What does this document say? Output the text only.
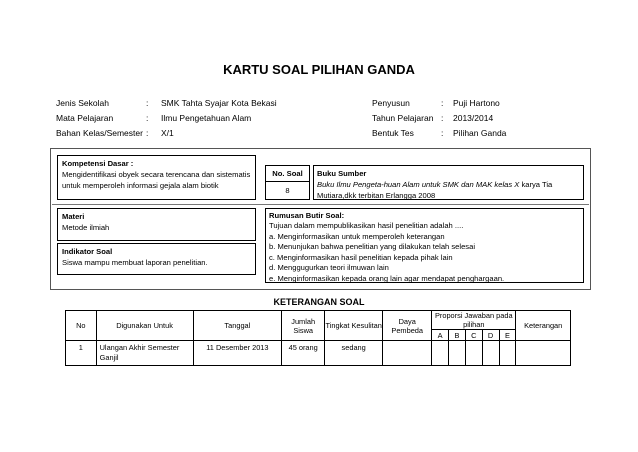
KARTU SOAL PILIHAN GANDA
Jenis Sekolah	:	SMK Tahta Syajar Kota Bekasi
Mata Pelajaran	:	Ilmu Pengetahuan Alam
Bahan Kelas/Semester :	X/1
Penyusun	:	Puji Hartono
Tahun Pelajaran :	2013/2014
Bentuk Tes	:	Pilihan Ganda
Kompetensi Dasar :
Mengidentifikasi obyek secara terencana dan sistematis
untuk memperoleh informasi gejala alam biotik
No. Soal
8
Buku Sumber
Buku Ilmu Pengeta-huan Alam untuk SMK dan MAK kelas X karya Tia
Mutiara,dkk terbitan Erlangga 2008
Materi
Metode ilmiah
Indikator Soal
Siswa mampu membuat laporan penelitian.
Rumusan Butir Soal:
Tujuan dalam mempublikasikan hasil penelitian adalah ....
a. Menginformasikan untuk memperoleh keterangan
b. Menunjukan bahwa penelitian yang dilakukan telah selesai
c. Menginformasikan hasil penelitian kepada pihak lain
d. Menggugurkan teori ilmuwan lain
e. Menginformasikan kepada orang lain agar mendapat penghargaan.
KETERANGAN SOAL
No	Digunakan Untuk	Tanggal	Jumlah Siswa	Tingkat Kesulitan	Daya Pembeda	Proporsi Jawaban pada pilihan					Keterangan
						A	B	C	D	E	
1	Ulangan Akhir Semester Ganjil	11 Desember 2013	45 orang	sedang							
